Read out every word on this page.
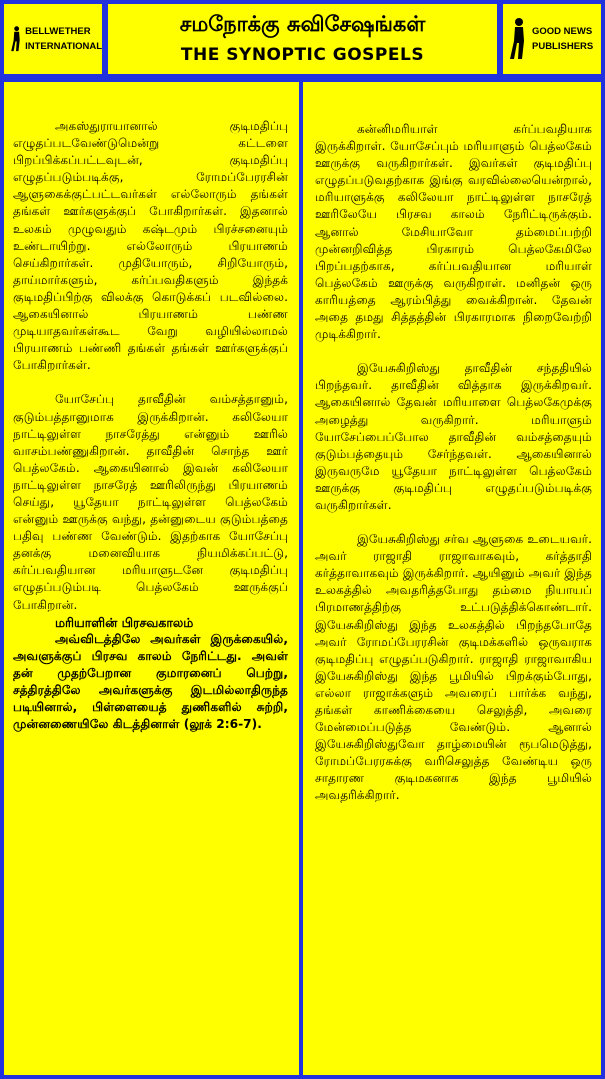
BELLWETHER
INTERNATIONAL
சமநோக்கு சுவிசேஷங்கள்
THE SYNOPTIC GOSPELS
GOOD NEWS
PUBLISHERS

அகஸ்துராயானால் குடிமதிப்பு எழுதப்படவேண்டுமென்று கட்டளை பிறப்பிக்கப்பட்டவுடன், குடிமதிப்பு எழுதப்படும்படிக்கு, ரோமப்பேரரசின் ஆளுகைக்குட்பட்டவர்கள் எல்லோரும் தங்கள் தங்கள் ஊர்களுக்குப் போகிறார்கள். இதனால் உலகம் முழுவதும் கஷ்டமும் பிரச்சனையும் உண்டாயிற்று. எல்லோரும் பிரயாணம் செய்கிறார்கள். முதியோரும், சிறியோரும், தாய்மார்களும், கர்ப்பவதிகளும் இந்தக் குடிமதிப்பிற்கு விலக்கு கொடுக்கப் படவில்லை. ஆகையினால் பிரயாணம் பண்ண முடியாதவர்கள்கூட வேறு வழியில்லாமல் பிரயாணம் பண்ணி தங்கள் தங்கள் ஊர்களுக்குப் போகிறார்கள்.

யோசேப்பு தாவீதின் வம்சத்தானும், குடும்பத்தானுமாக இருக்கிறான். கலிலேயா நாட்டிலுள்ள நாசரேத்து என்னும் ஊரில் வாசம்பண்ணுகிறான். தாவீதின் சொந்த ஊர் பெத்லகேம். ஆகையினால் இவன் கலிலேயா நாட்டிலுள்ள நாசரேத் ஊரிலிருந்து பிரயாணம் செய்து, யூதேயா நாட்டிலுள்ள பெத்லகேம் என்னும் ஊருக்கு வந்து, தன்னுடைய குடும்பத்தை பதிவு பண்ண வேண்டும். இதற்காக யோசேப்பு தனக்கு மனைவியாக நியமிக்கப்பட்டு, கர்ப்பவதியான மரியாளுடனே குடிமதிப்பு எழுதப்படும்படி பெத்லகேம் ஊருக்குப் போகிறான்.

மரியாளின் பிரசவகாலம்

அவ்விடத்திலே அவர்கள் இருக்கையில், அவளுக்குப் பிரசவ காலம் நேரிட்டது. அவள் தன் முதற்பேறான குமாரனைப் பெற்று, சத்திரத்திலே அவர்களுக்கு இடமில்லாதிருந்த படியினால், பிள்ளையைத் துணிகளில் சுற்றி, முன்னணையிலே கிடத்தினாள் (லூக் 2:6-7).

கன்னிமரியாள் கர்ப்பவதியாக இருக்கிறாள். யோசேப்பும் மரியாளும் பெத்லகேம் ஊருக்கு வருகிறார்கள். இவர்கள் குடிமதிப்பு எழுதப்படுவதற்காக இங்கு வரவில்லையென்றால், மரியாளுக்கு கலிலேயா நாட்டிலுள்ள நாசரேத் ஊரிலேயே பிரசவ காலம் நேரிட்டிருக்கும். ஆனால் மேசியாவோ தம்மைப்பற்றி முன்னறிவித்த பிரகாரம் பெத்லகேமிலே பிறப்பதற்காக, கர்ப்பவதியான மரியாள் பெத்லகேம் ஊருக்கு வருகிறாள். மனிதன் ஒரு காரியத்தை ஆரம்பித்து வைக்கிறான். தேவன் அதை தமது சித்தத்தின் பிரகாரமாக நிறைவேற்றி முடிக்கிறார்.

இயேசுகிறிஸ்து தாவீதின் சந்ததியில் பிறந்தவர். தாவீதின் வித்தாக இருக்கிறவர். ஆகையினால் தேவன் மரியாளை பெத்லகேமுக்கு அழைத்து வருகிறார். மரியாளும் யோசேப்பைப்போல தாவீதின் வம்சத்தையும் குடும்பத்தையும் சேர்ந்தவள். ஆகையினால் இருவருமே யூதேயா நாட்டிலுள்ள பெத்லகேம் ஊருக்கு குடிமதிப்பு எழுதப்படும்படிக்கு வருகிறார்கள்.

இயேசுகிறிஸ்து சர்வ ஆளுகை உடையவர். அவர் ராஜாதி ராஜாவாகவும், கர்த்தாதி கர்த்தாவாகவும் இருக்கிறார். ஆயினும் அவர் இந்த உலகத்தில் அவதரித்தபோது தம்மை நியாயப் பிரமாணத்திற்கு உட்படுத்திக்கொண்டார். இயேசுகிறிஸ்து இந்த உலகத்தில் பிறந்தபோதே அவர் ரோமப்பேரரசின் குடிமக்களில் ஒருவராக குடிமதிப்பு எழுதப்படுகிறார். ராஜாதி ராஜாவாகிய இயேசுகிறிஸ்து இந்த பூமியில் பிறக்கும்போது, எல்லா ராஜாக்களும் அவரைப் பார்க்க வந்து, தங்கள் காணிக்கையை செலுத்தி, அவரை மேன்மைப்படுத்த வேண்டும். ஆனால் இயேசுகிறிஸ்துவோ தாழ்மையின் ரூபமெடுத்து, ரோமப்பேரரசுக்கு வரிசெலுத்த வேண்டிய ஒரு சாதாரண குடிமகனாக இந்த பூமியில் அவதரிக்கிறார்.
